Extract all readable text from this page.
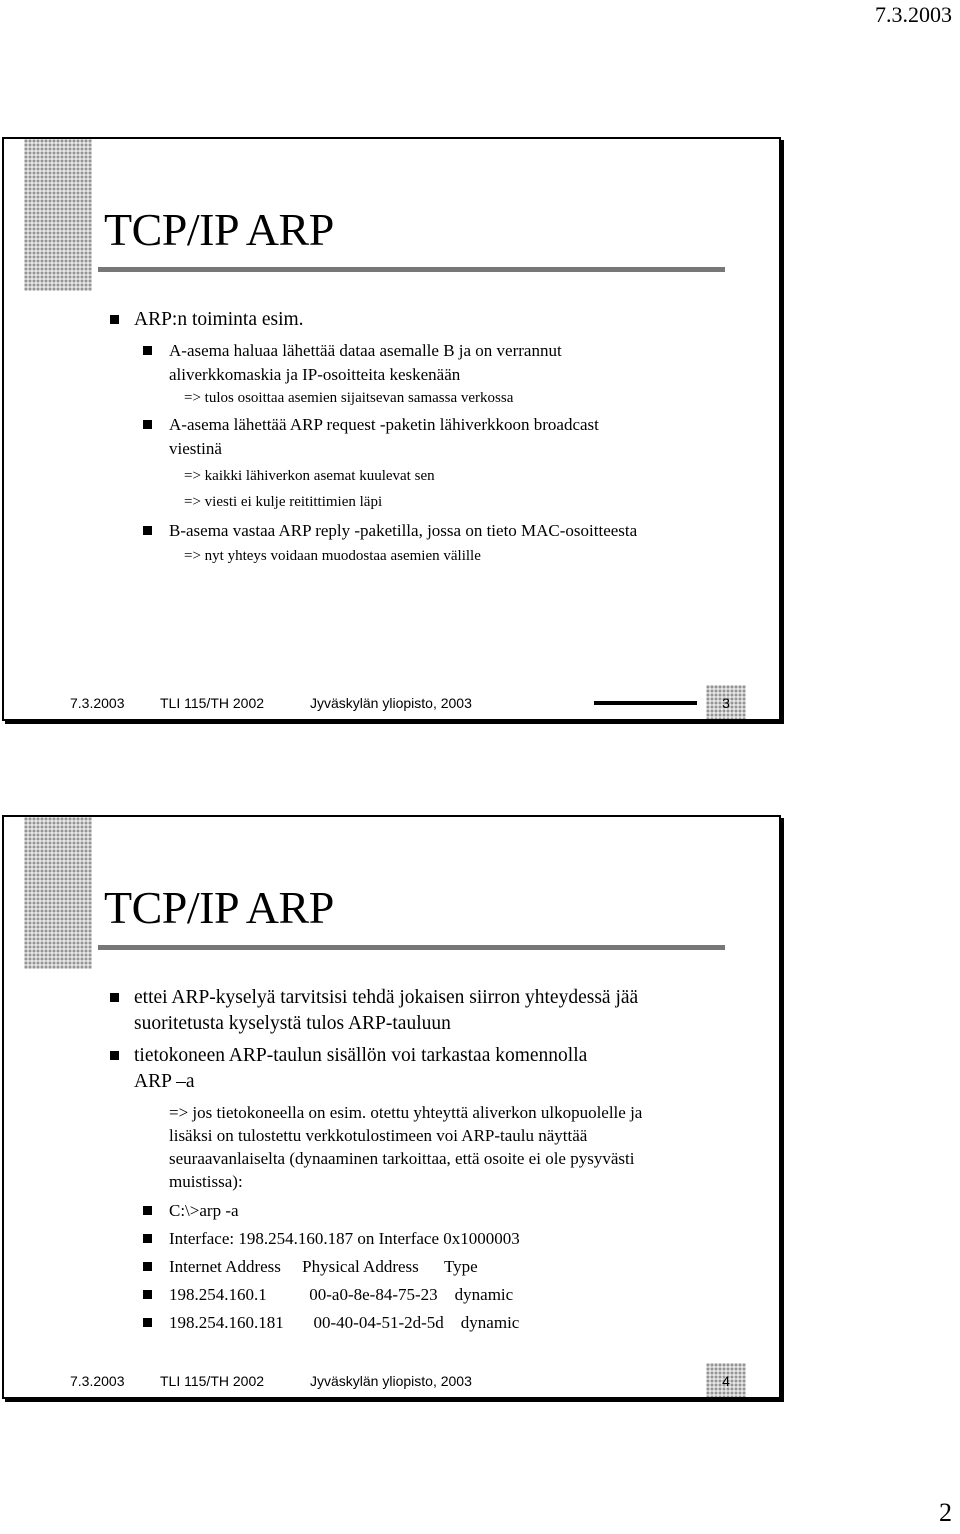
7.3.2003
TCP/IP ARP
ARP:n toiminta esim.
A-asema haluaa lähettää dataa asemalle B ja on verrannut
aliverkkomaskia ja IP-osoitteita keskenään
=> tulos osoittaa asemien sijaitsevan samassa verkossa
A-asema lähettää ARP request -paketin lähiverkkoon broadcast
viestinä
=> kaikki lähiverkon asemat kuulevat sen
=> viesti ei kulje reitittimien läpi
B-asema vastaa ARP reply -paketilla, jossa on tieto MAC-osoitteesta
=> nyt yhteys voidaan muodostaa asemien välille
7.3.2003	TLI 115/TH 2002	Jyväskylän yliopisto, 2003	3
TCP/IP ARP
ettei ARP-kyselyä tarvitsisi tehdä jokaisen siirron yhteydessä jää
suoritetusta kyselystä tulos ARP-tauluun
tietokoneen ARP-taulun sisällön voi tarkastaa komennolla
ARP –a
=> jos tietokoneella on esim. otettu yhteyttä aliverkon ulkopuolelle ja
lisäksi on tulostettu verkkotulostimeen voi ARP-taulu näyttää
seuraavanlaiselta (dynaaminen tarkoittaa, että osoite ei ole pysyvästi
muistissa):
C:\>arp -a
Interface: 198.254.160.187 on Interface 0x1000003
Internet Address     Physical Address      Type
198.254.160.1          00-a0-8e-84-75-23    dynamic
198.254.160.181       00-40-04-51-2d-5d    dynamic
7.3.2003	TLI 115/TH 2002	Jyväskylän yliopisto, 2003	4
2
